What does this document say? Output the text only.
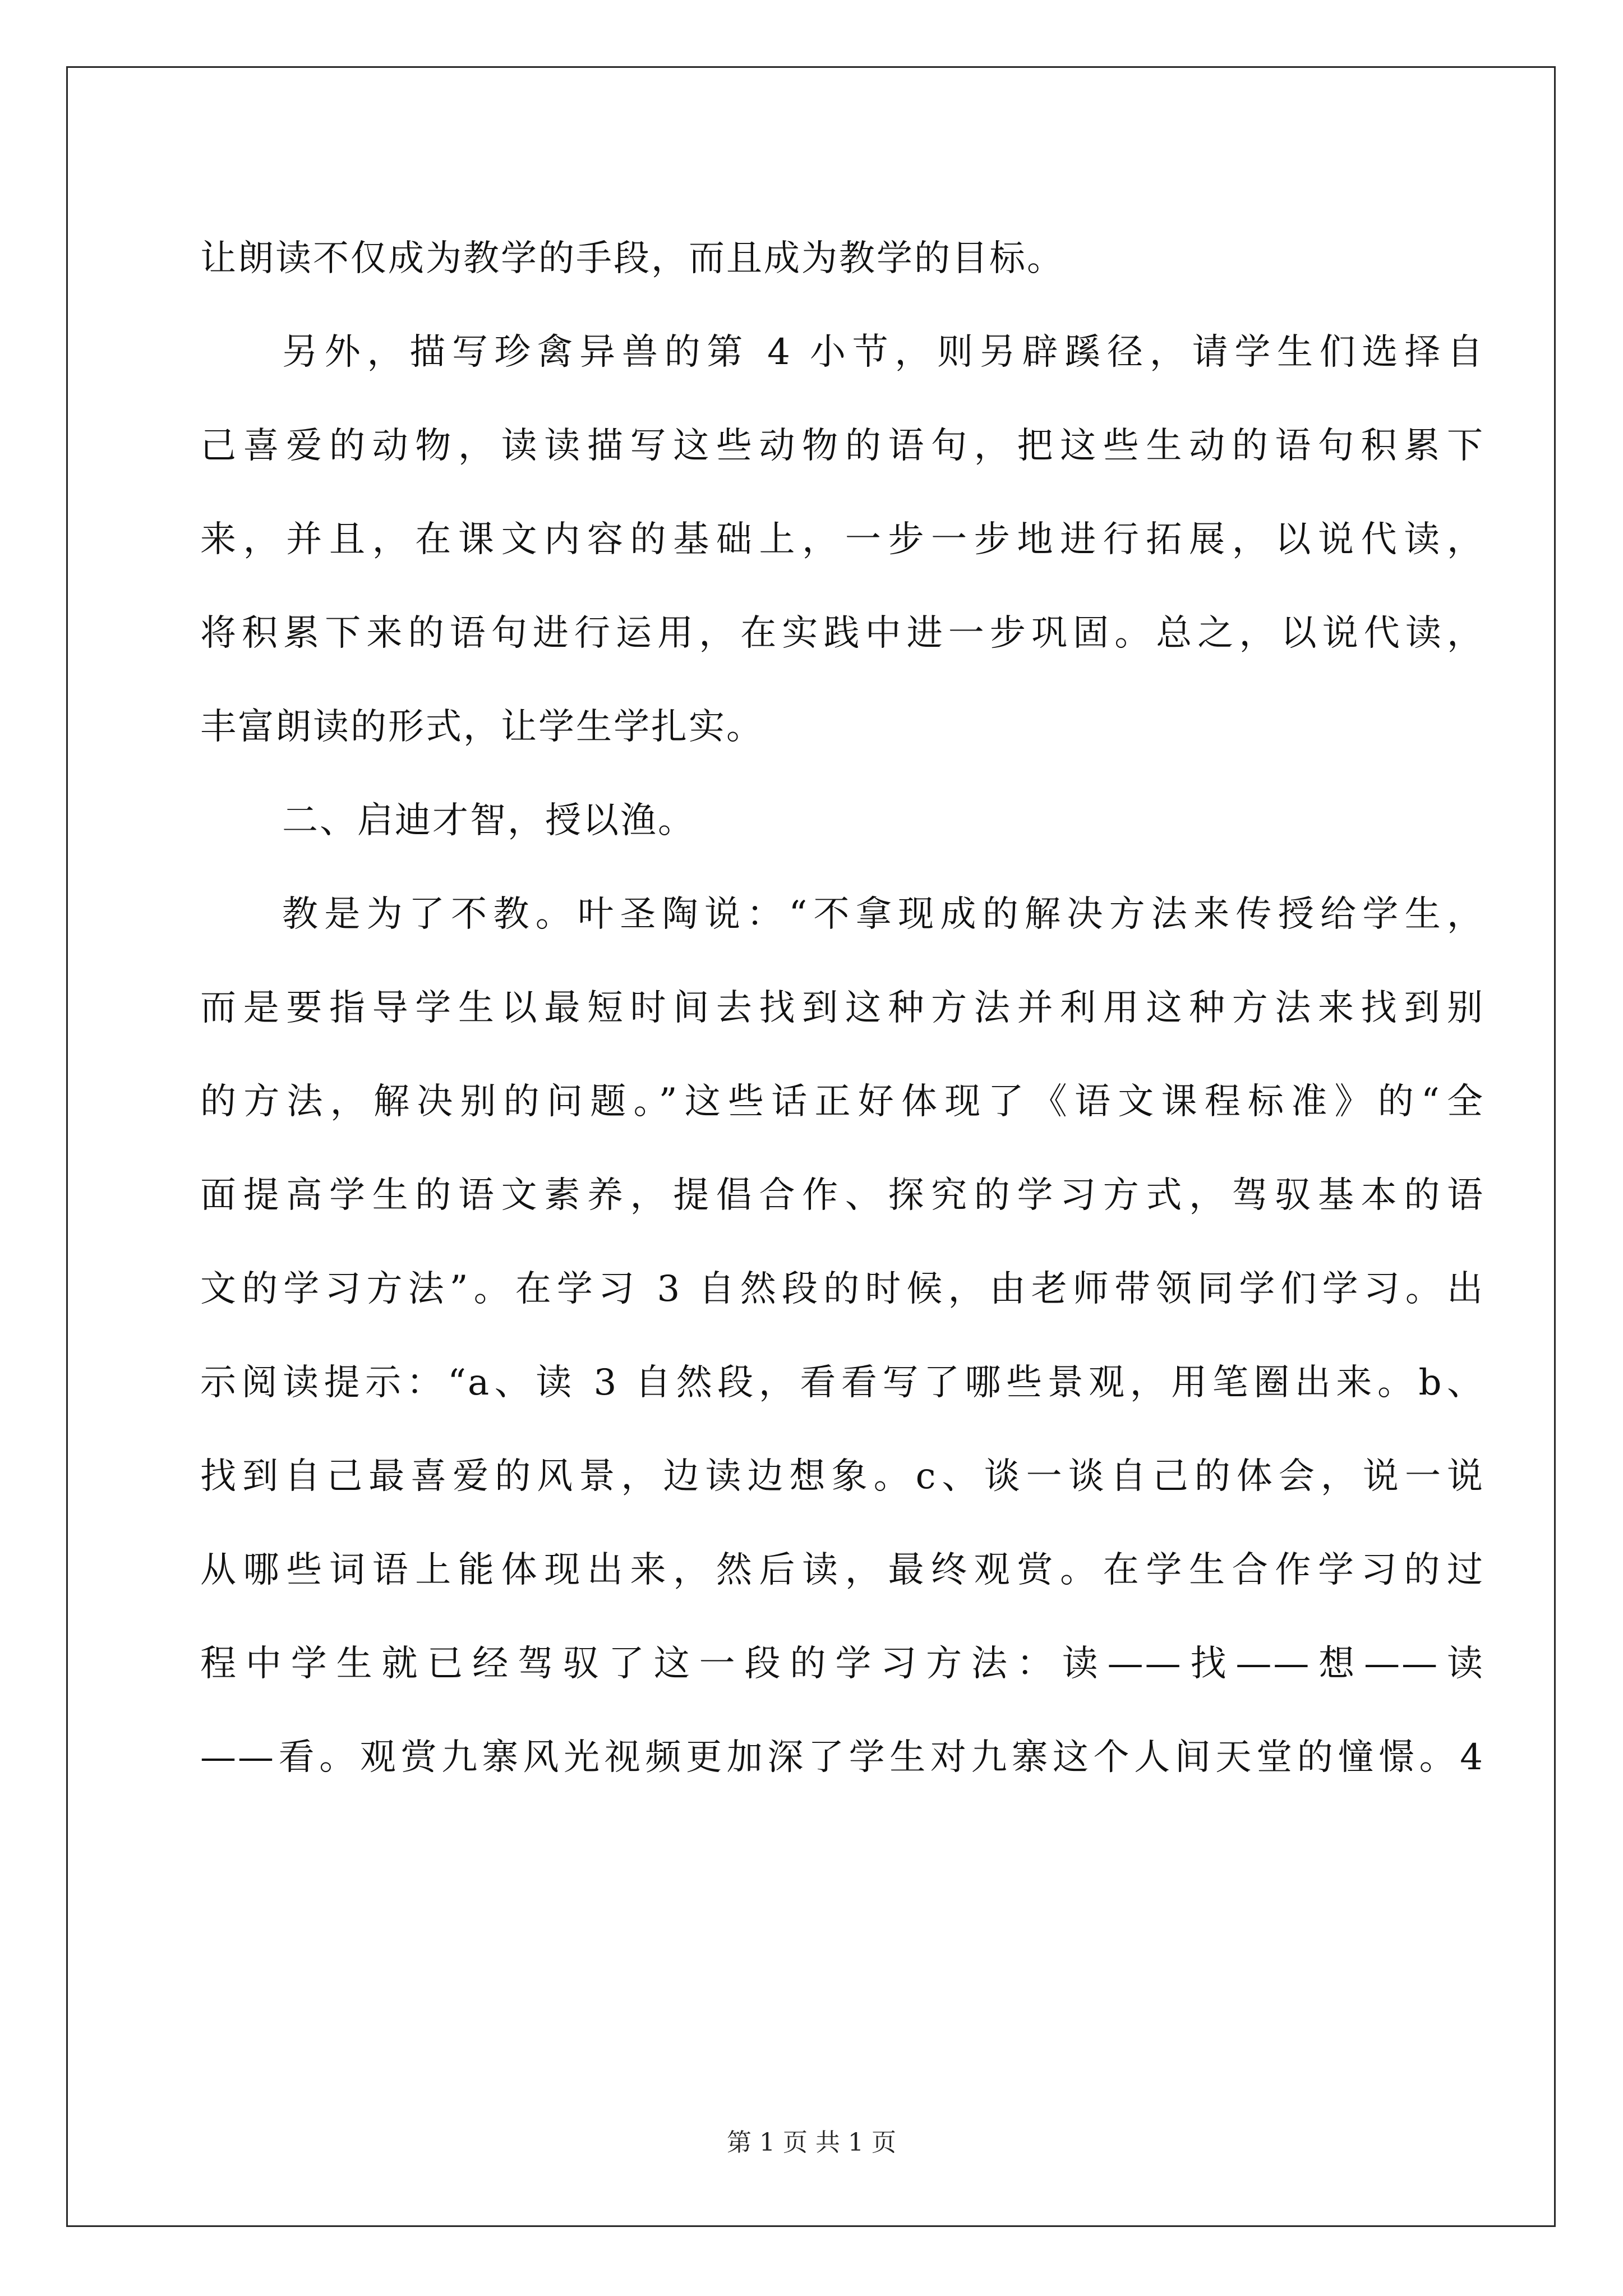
让朗读不仅成为教学的手段，而且成为教学的目标。
另外，描写珍禽异兽的第 4 小节，则另辟蹊径，请学生们选择自
己喜爱的动物，读读描写这些动物的语句，把这些生动的语句积累下
来，并且，在课文内容的基础上，一步一步地进行拓展，以说代读，
将积累下来的语句进行运用，在实践中进一步巩固。总之，以说代读，
丰富朗读的形式，让学生学扎实。
二、启迪才智，授以渔。
教是为了不教。叶圣陶说：“不拿现成的解决方法来传授给学生，
而是要指导学生以最短时间去找到这种方法并利用这种方法来找到别
的方法，解决别的问题。”这些话正好体现了《语文课程标准》的“全
面提高学生的语文素养，提倡合作、探究的学习方式，驾驭基本的语
文的学习方法”。在学习 3 自然段的时候，由老师带领同学们学习。出
示阅读提示：“a、读 3 自然段，看看写了哪些景观，用笔圈出来。b、
找到自己最喜爱的风景，边读边想象。c、谈一谈自己的体会，说一说
从哪些词语上能体现出来，然后读，最终观赏。在学生合作学习的过
程中学生就已经驾驭了这一段的学习方法：读——找——想——读
——看。观赏九寨风光视频更加深了学生对九寨这个人间天堂的憧憬。4
第 1 页 共 1 页
